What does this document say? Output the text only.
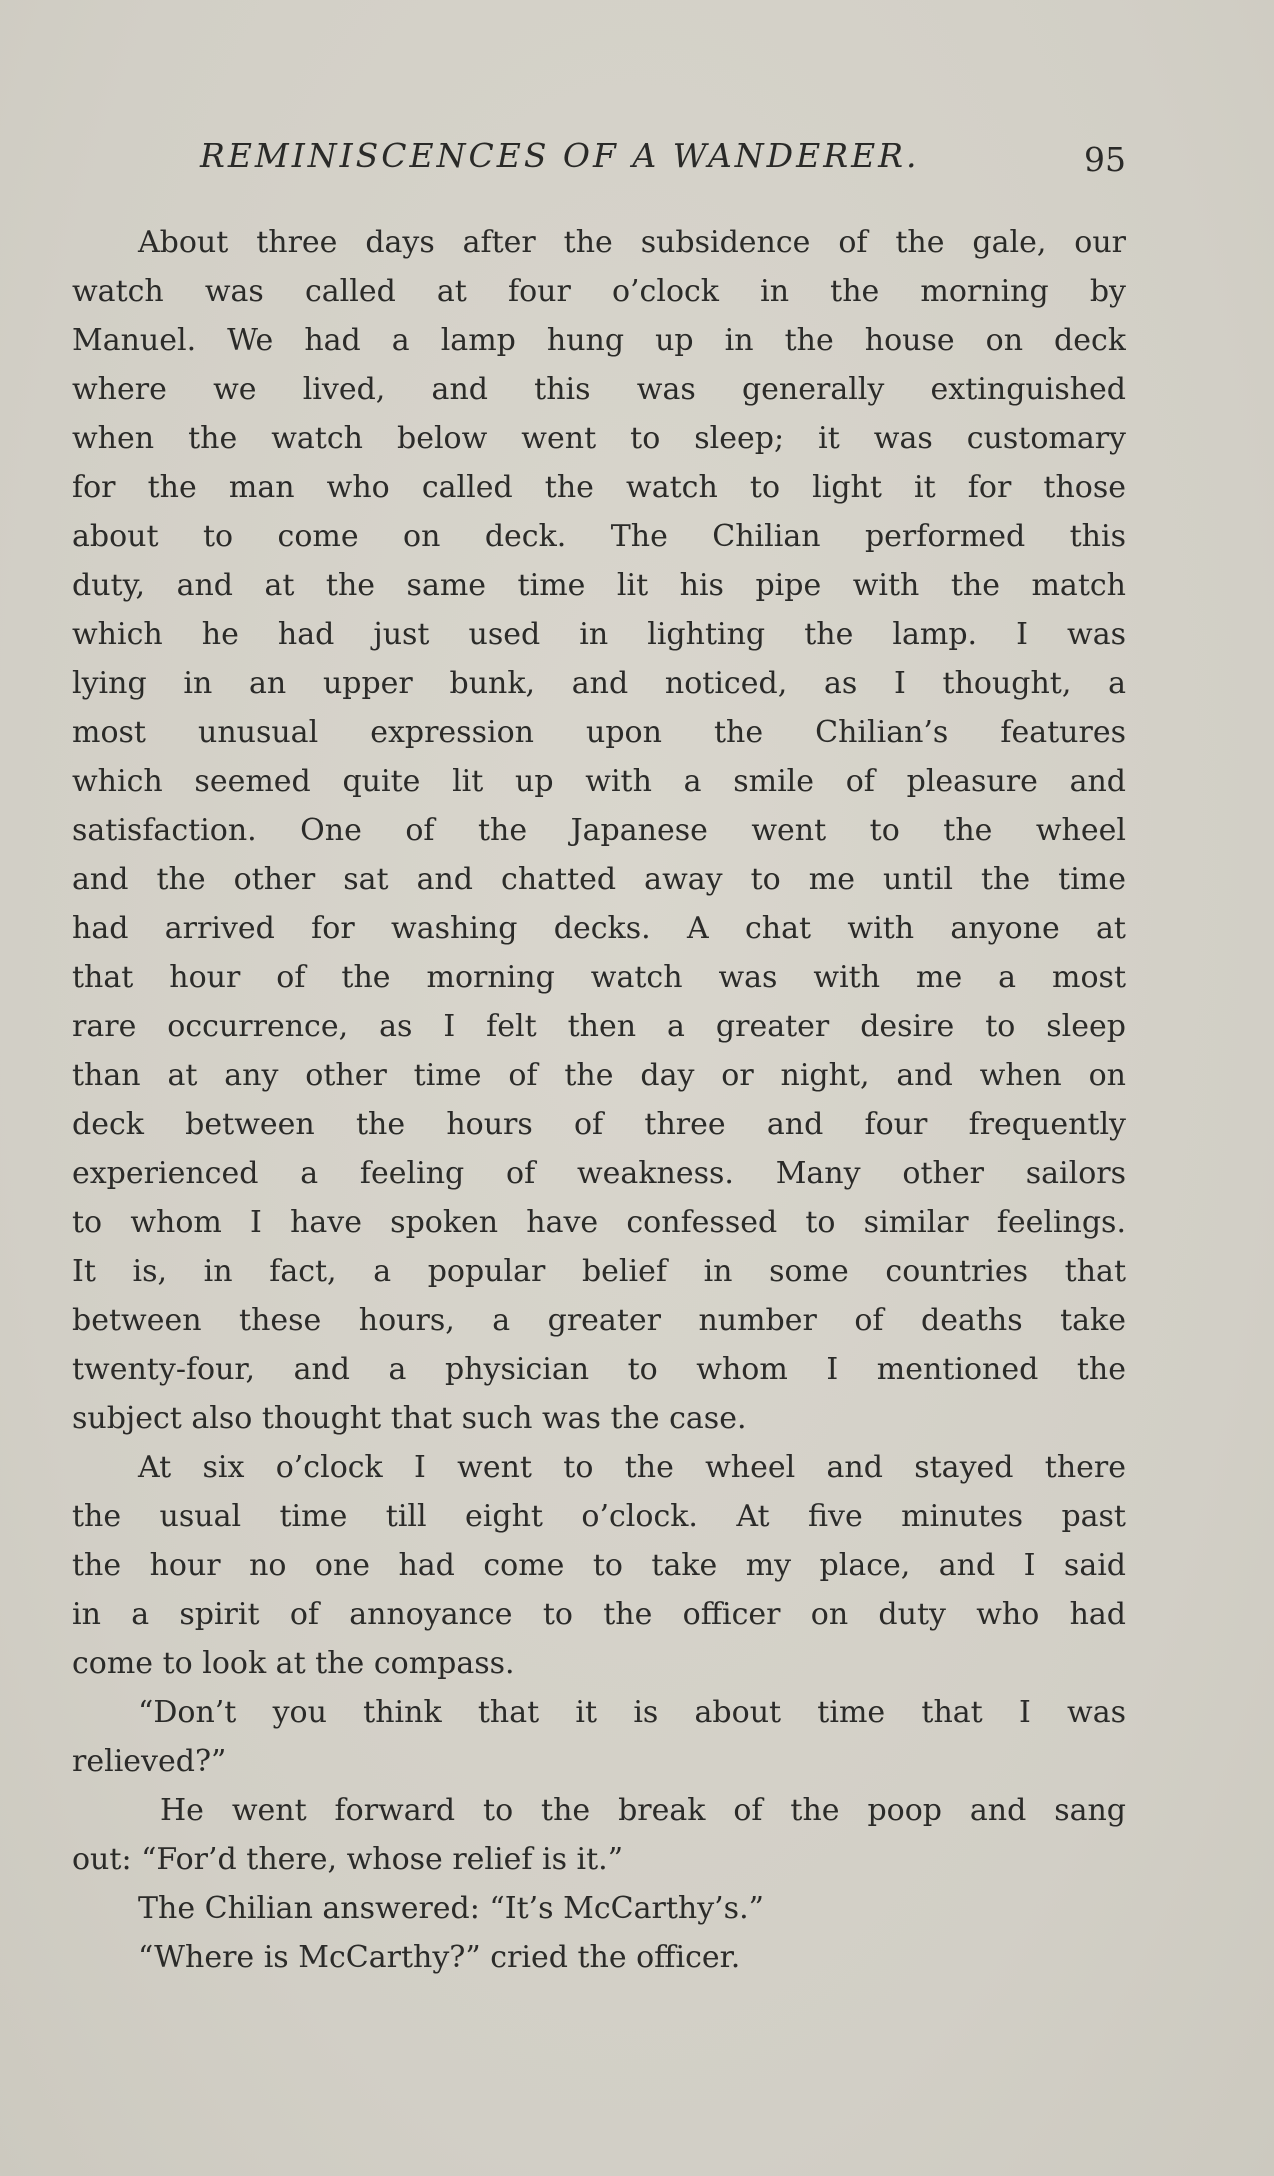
REMINISCENCES OF A WANDERER.	95
About three days after the subsidence of the gale, our
watch was called at four o’clock in the morning by
Manuel. We had a lamp hung up in the house on deck
where we lived, and this was generally extinguished
when the watch below went to sleep; it was customary
for the man who called the watch to light it for those
about to come on deck. The Chilian performed this
duty, and at the same time lit his pipe with the match
which he had just used in lighting the lamp. I was
lying in an upper bunk, and noticed, as I thought, a
most unusual expression upon the Chilian’s features
which seemed quite lit up with a smile of pleasure and
satisfaction. One of the Japanese went to the wheel
and the other sat and chatted away to me until the time
had arrived for washing decks. A chat with anyone at
that hour of the morning watch was with me a most
rare occurrence, as I felt then a greater desire to sleep
than at any other time of the day or night, and when on
deck between the hours of three and four frequently
experienced a feeling of weakness. Many other sailors
to whom I have spoken have confessed to similar feelings.
It is, in fact, a popular belief in some countries that
between these hours, a greater number of deaths take
twenty-four, and a physician to whom I mentioned the
subject also thought that such was the case.
At six o’clock I went to the wheel and stayed there
the usual time till eight o’clock. At five minutes past
the hour no one had come to take my place, and I said
in a spirit of annoyance to the officer on duty who had
come to look at the compass.
“Don’t you think that it is about time that I was
relieved?”
He went forward to the break of the poop and sang
out: “For’d there, whose relief is it.”
The Chilian answered: “It’s McCarthy’s.”
“Where is McCarthy?” cried the officer.
